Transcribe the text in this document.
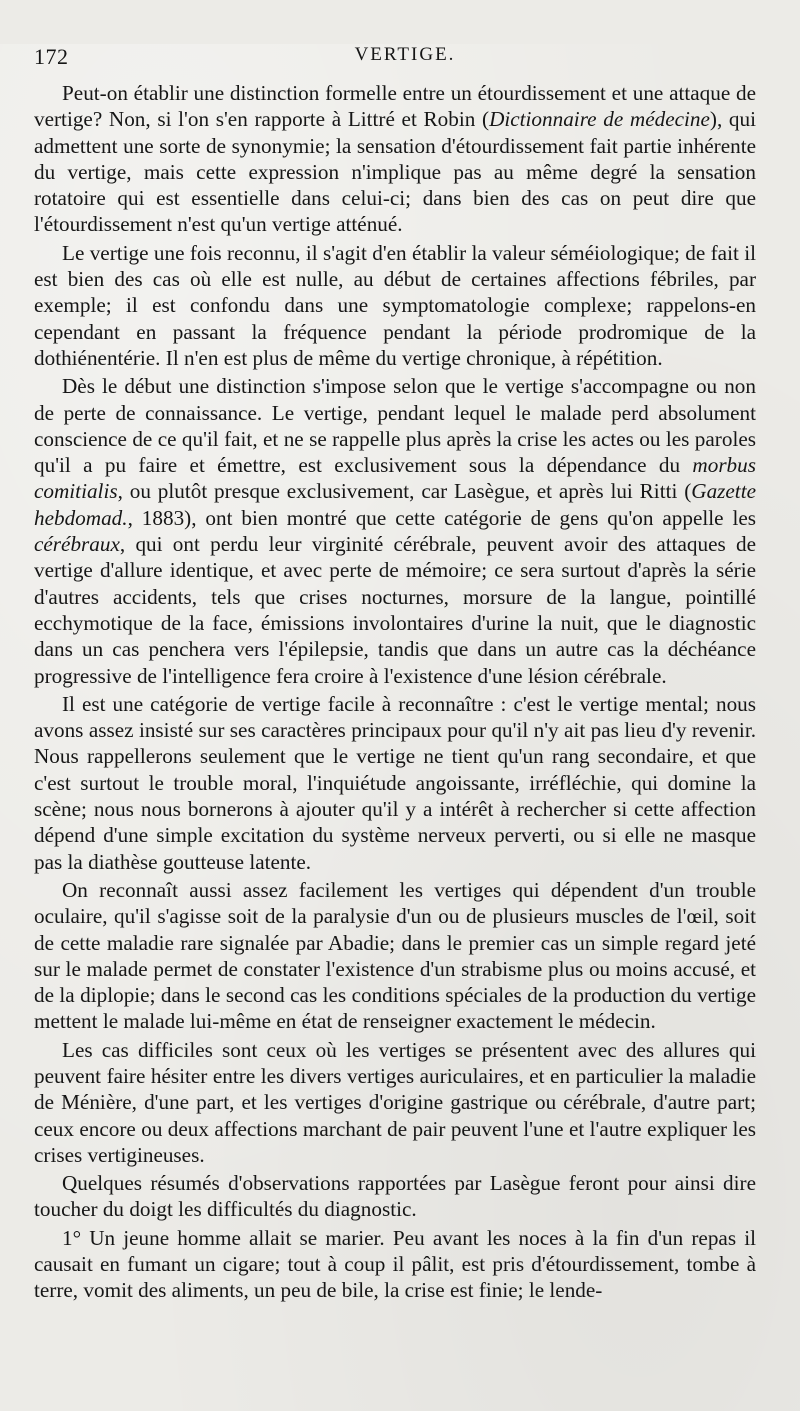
172	VERTIGE.

Peut-on établir une distinction formelle entre un étourdissement et une attaque de vertige? Non, si l'on s'en rapporte à Littré et Robin (Dictionnaire de médecine), qui admettent une sorte de synonymie; la sensation d'étourdissement fait partie inhérente du vertige, mais cette expression n'implique pas au même degré la sensation rotatoire qui est essentielle dans celui-ci; dans bien des cas on peut dire que l'étourdissement n'est qu'un vertige atténué.

Le vertige une fois reconnu, il s'agit d'en établir la valeur séméiologique; de fait il est bien des cas où elle est nulle, au début de certaines affections fébriles, par exemple; il est confondu dans une symptomatologie complexe; rappelons-en cependant en passant la fréquence pendant la période prodromique de la dothiénentérie. Il n'en est plus de même du vertige chronique, à répétition.

Dès le début une distinction s'impose selon que le vertige s'accompagne ou non de perte de connaissance. Le vertige, pendant lequel le malade perd absolument conscience de ce qu'il fait, et ne se rappelle plus après la crise les actes ou les paroles qu'il a pu faire et émettre, est exclusivement sous la dépendance du morbus comitialis, ou plutôt presque exclusivement, car Lasègue, et après lui Ritti (Gazette hebdomad., 1883), ont bien montré que cette catégorie de gens qu'on appelle les cérébraux, qui ont perdu leur virginité cérébrale, peuvent avoir des attaques de vertige d'allure identique, et avec perte de mémoire; ce sera surtout d'après la série d'autres accidents, tels que crises nocturnes, morsure de la langue, pointillé ecchymotique de la face, émissions involontaires d'urine la nuit, que le diagnostic dans un cas penchera vers l'épilepsie, tandis que dans un autre cas la déchéance progressive de l'intelligence fera croire à l'existence d'une lésion cérébrale.

Il est une catégorie de vertige facile à reconnaître : c'est le vertige mental; nous avons assez insisté sur ses caractères principaux pour qu'il n'y ait pas lieu d'y revenir. Nous rappellerons seulement que le vertige ne tient qu'un rang secondaire, et que c'est surtout le trouble moral, l'inquiétude angoissante, irréfléchie, qui domine la scène; nous nous bornerons à ajouter qu'il y a intérêt à rechercher si cette affection dépend d'une simple excitation du système nerveux perverti, ou si elle ne masque pas la diathèse goutteuse latente.

On reconnaît aussi assez facilement les vertiges qui dépendent d'un trouble oculaire, qu'il s'agisse soit de la paralysie d'un ou de plusieurs muscles de l'œil, soit de cette maladie rare signalée par Abadie; dans le premier cas un simple regard jeté sur le malade permet de constater l'existence d'un strabisme plus ou moins accusé, et de la diplopie; dans le second cas les conditions spéciales de la production du vertige mettent le malade lui-même en état de renseigner exactement le médecin.

Les cas difficiles sont ceux où les vertiges se présentent avec des allures qui peuvent faire hésiter entre les divers vertiges auriculaires, et en particulier la maladie de Ménière, d'une part, et les vertiges d'origine gastrique ou cérébrale, d'autre part; ceux encore ou deux affections marchant de pair peuvent l'une et l'autre expliquer les crises vertigineuses.

Quelques résumés d'observations rapportées par Lasègue feront pour ainsi dire toucher du doigt les difficultés du diagnostic.

1° Un jeune homme allait se marier. Peu avant les noces à la fin d'un repas il causait en fumant un cigare; tout à coup il pâlit, est pris d'étourdissement, tombe à terre, vomit des aliments, un peu de bile, la crise est finie; le lende-
